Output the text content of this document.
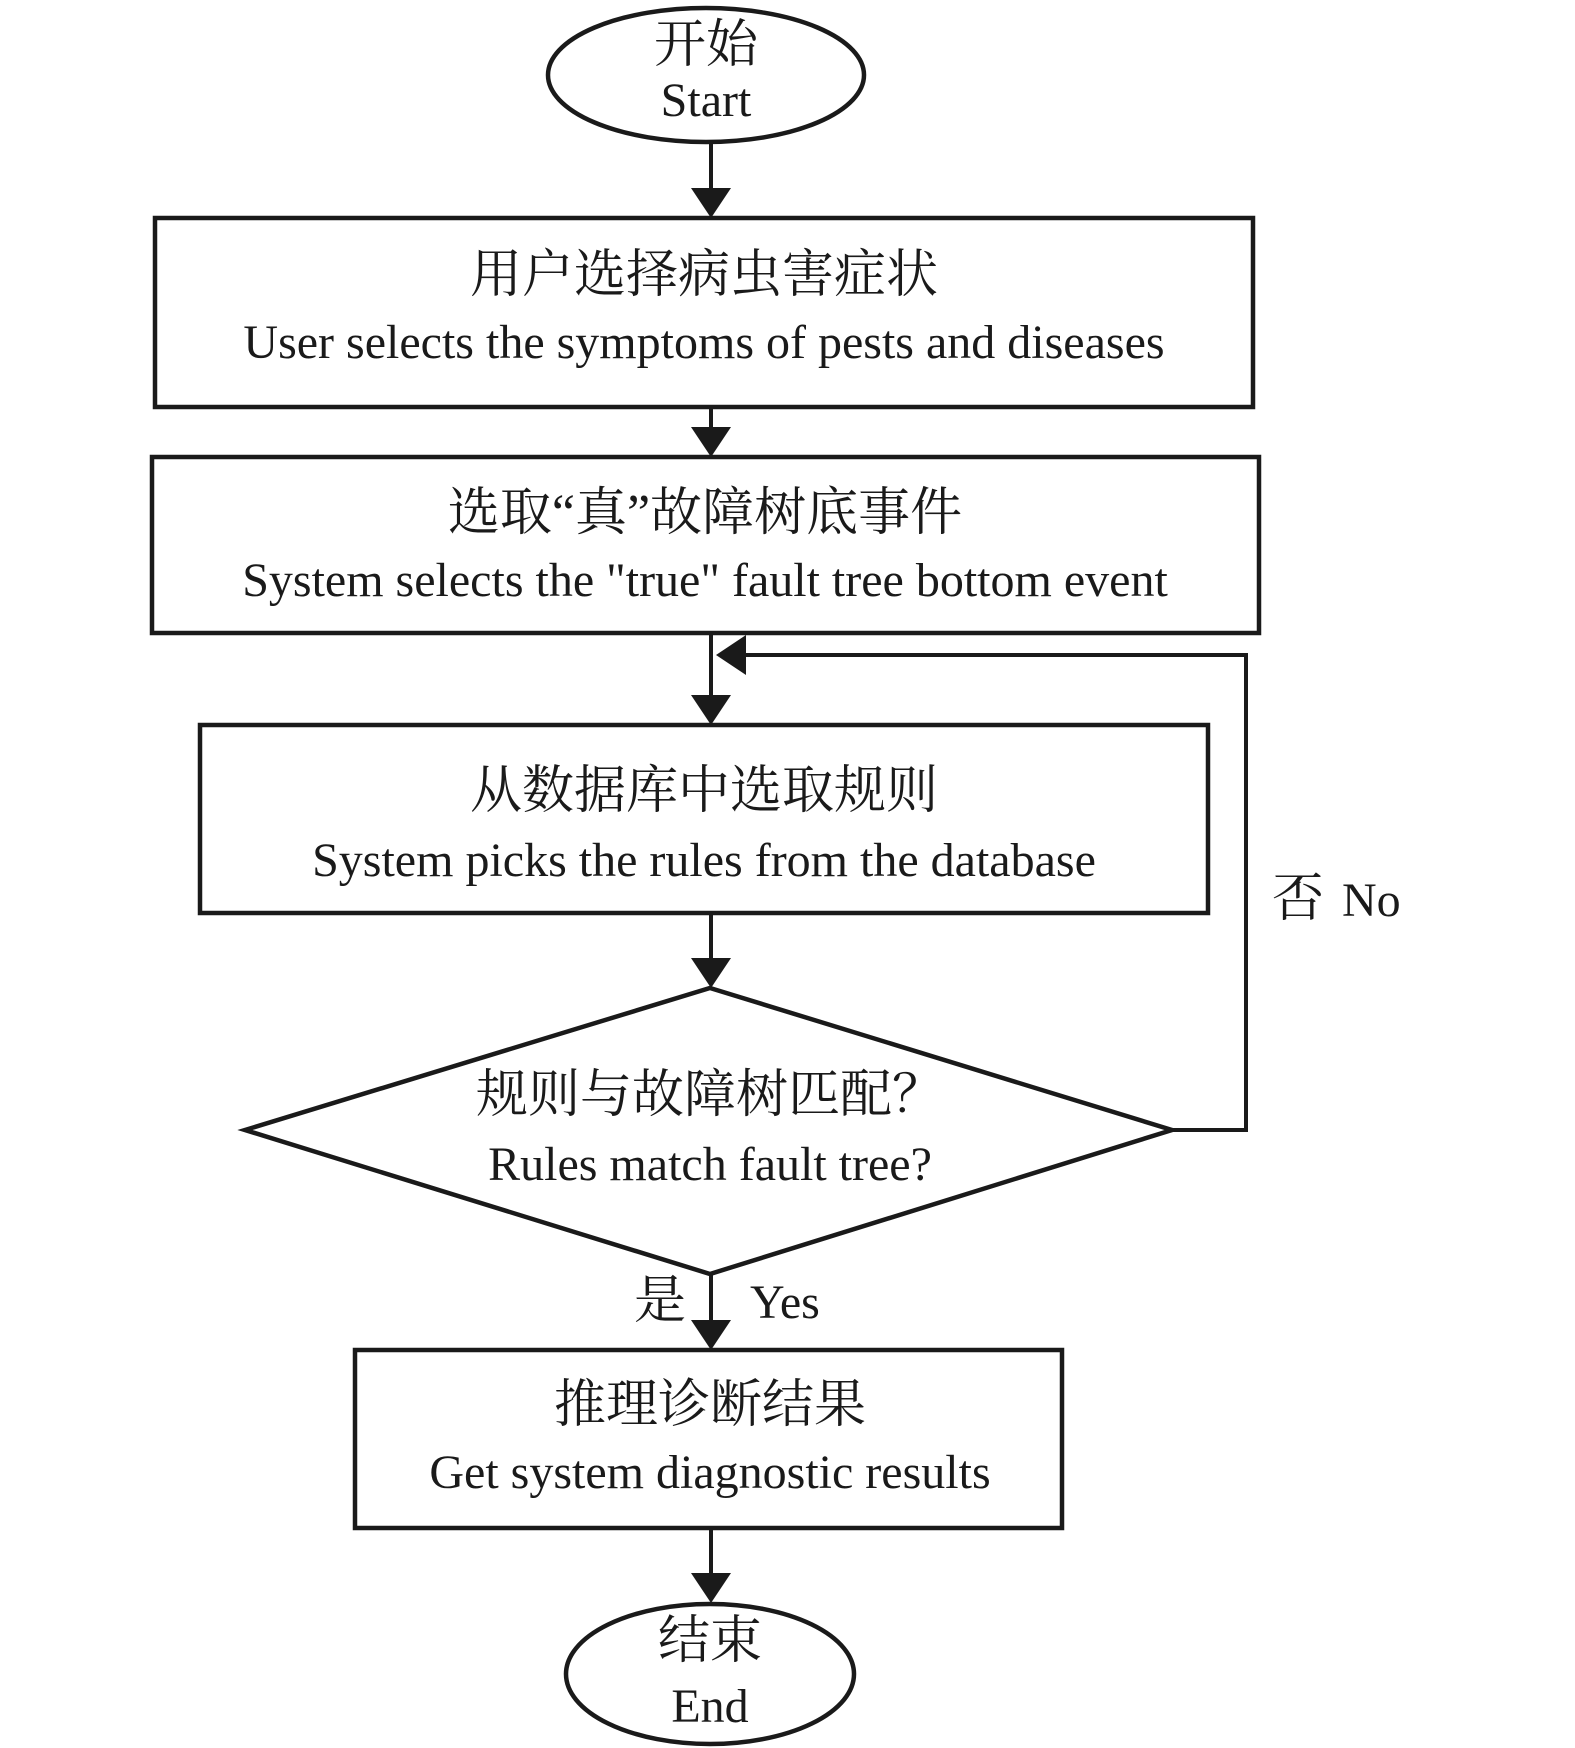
开始
Start
用户选择病虫害症状
User selects the symptoms of pests and diseases
选取“真”故障树底事件
System selects the "true" fault tree bottom event
从数据库中选取规则
System picks the rules from the database
规则与故障树匹配？
Rules match fault tree?
推理诊断结果
Get system diagnostic results
结束
End
否 No
是 Yes
